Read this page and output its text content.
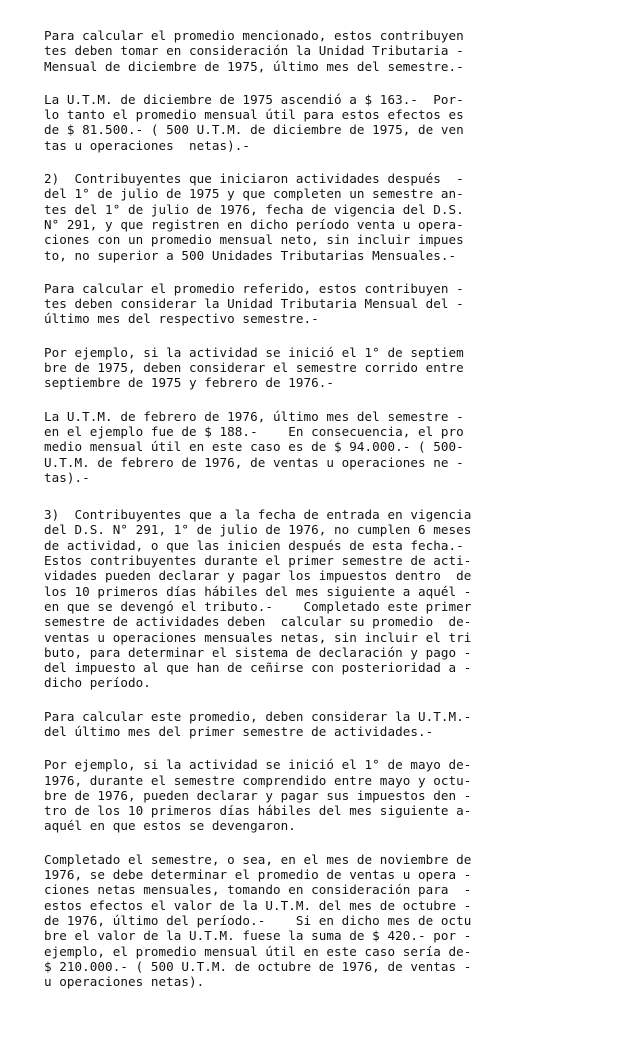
Para calcular el promedio mencionado, estos contribuyen
tes deben tomar en consideración la Unidad Tributaria -
Mensual de diciembre de 1975, último mes del semestre.-
La U.T.M. de diciembre de 1975 ascendió a $ 163.-  Por-
lo tanto el promedio mensual útil para estos efectos es
de $ 81.500.- ( 500 U.T.M. de diciembre de 1975, de ven
tas u operaciones  netas).-
2)  Contribuyentes que iniciaron actividades después  -
del 1° de julio de 1975 y que completen un semestre an-
tes del 1° de julio de 1976, fecha de vigencia del D.S.
N° 291, y que registren en dicho período venta u opera-
ciones con un promedio mensual neto, sin incluir impues
to, no superior a 500 Unidades Tributarias Mensuales.-
Para calcular el promedio referido, estos contribuyen -
tes deben considerar la Unidad Tributaria Mensual del -
último mes del respectivo semestre.-
Por ejemplo, si la actividad se inició el 1° de septiem
bre de 1975, deben considerar el semestre corrido entre
septiembre de 1975 y febrero de 1976.-
La U.T.M. de febrero de 1976, último mes del semestre -
en el ejemplo fue de $ 188.-    En consecuencia, el pro
medio mensual útil en este caso es de $ 94.000.- ( 500-
U.T.M. de febrero de 1976, de ventas u operaciones ne -
tas).-
3)  Contribuyentes que a la fecha de entrada en vigencia
del D.S. N° 291, 1° de julio de 1976, no cumplen 6 meses
de actividad, o que las inicien después de esta fecha.-
Estos contribuyentes durante el primer semestre de acti-
vidades pueden declarar y pagar los impuestos dentro  de
los 10 primeros días hábiles del mes siguiente a aquél -
en que se devengó el tributo.-    Completado este primer
semestre de actividades deben  calcular su promedio  de-
ventas u operaciones mensuales netas, sin incluir el tri
buto, para determinar el sistema de declaración y pago -
del impuesto al que han de ceñirse con posterioridad a -
dicho período.
Para calcular este promedio, deben considerar la U.T.M.-
del último mes del primer semestre de actividades.-
Por ejemplo, si la actividad se inició el 1° de mayo de-
1976, durante el semestre comprendido entre mayo y octu-
bre de 1976, pueden declarar y pagar sus impuestos den -
tro de los 10 primeros días hábiles del mes siguiente a-
aquél en que estos se devengaron.
Completado el semestre, o sea, en el mes de noviembre de
1976, se debe determinar el promedio de ventas u opera -
ciones netas mensuales, tomando en consideración para  -
estos efectos el valor de la U.T.M. del mes de octubre -
de 1976, último del período.-    Si en dicho mes de octu
bre el valor de la U.T.M. fuese la suma de $ 420.- por -
ejemplo, el promedio mensual útil en este caso sería de-
$ 210.000.- ( 500 U.T.M. de octubre de 1976, de ventas -
u operaciones netas).
